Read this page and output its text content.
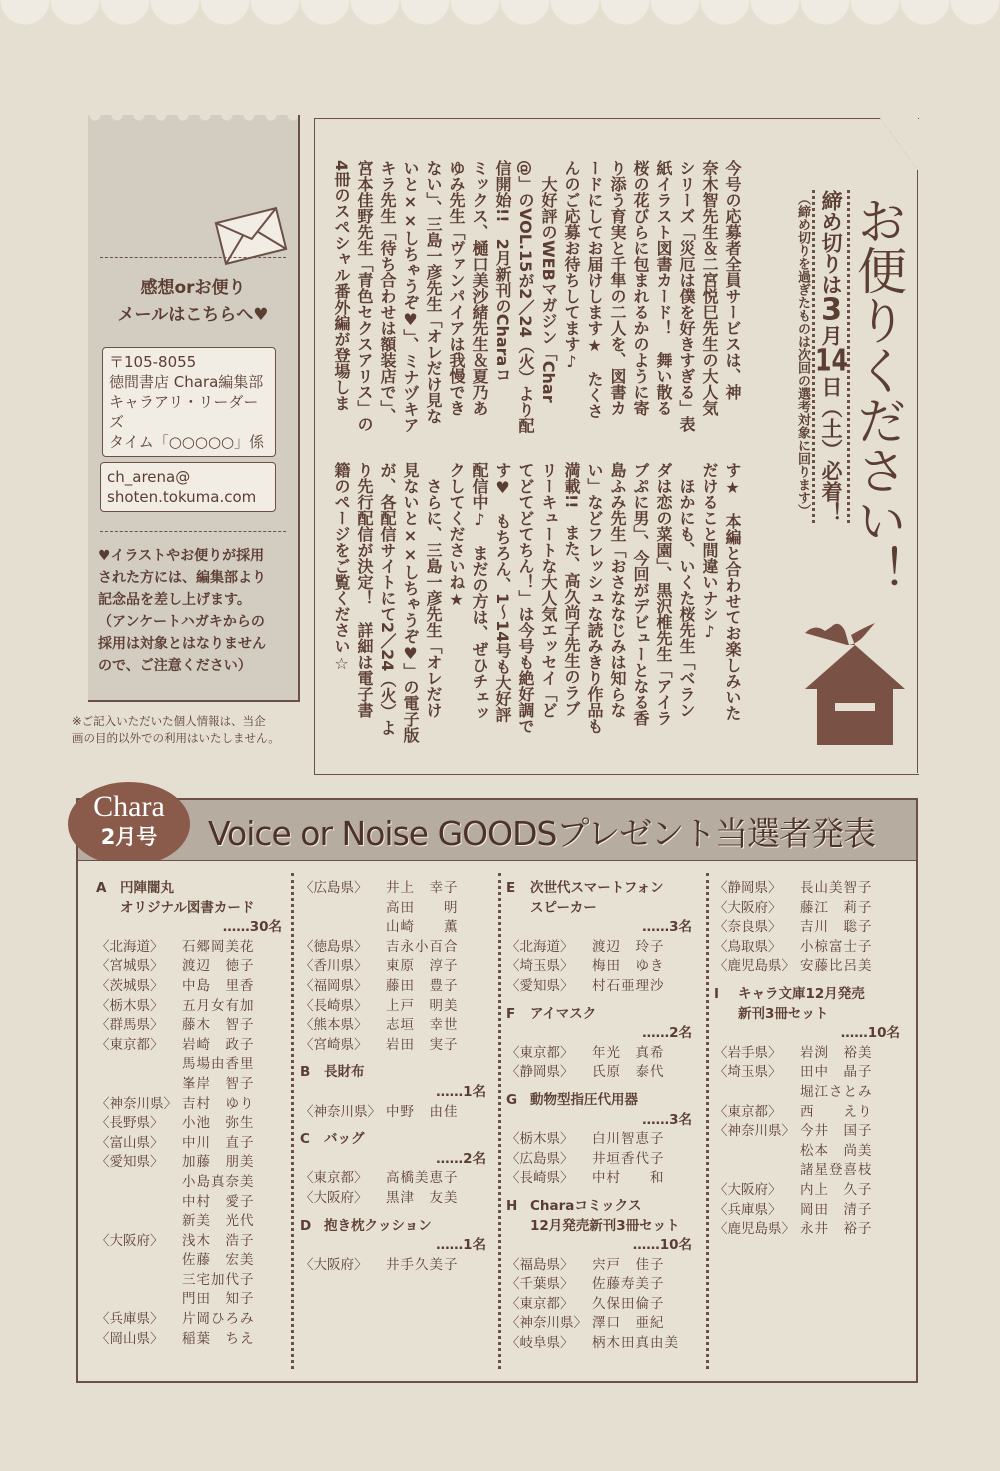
感想orお便り
メールはこちらへ♥
〒105-8055
徳間書店 Chara編集部
キャラアリ・リーダーズ
タイム「○○○○○」係
ch_arena@
shoten.tokuma.com
♥イラストやお便りが採用
された方には、編集部より
記念品を差し上げます。
（アンケートハガキからの
採用は対象とはなりません
ので、ご注意ください）
※ご記入いただいた個人情報は、当企
画の目的以外での利用はいたしません。
お便りください！
締め切りは3月14日（土）必着！
（締め切りを過ぎたものは次回の選考対象に回ります）
今号の応募者全員サービスは、神
奈木智先生＆二宮悦巳先生の大人気
シリーズ「災厄は僕を好きすぎる」表
紙イラスト図書カード！　舞い散る
桜の花びらに包まれるかのように寄
り添う育実と千隼の二人を、図書カ
ードにしてお届けします★　たくさ
んのご応募お待ちしてます♪
　大好評のWEBマガジン「Char
@」のVOL.15が2／24（火）より配
信開始!!　2月新刊のCharaコ
ミックス、樋口美沙緒先生＆夏乃あ
ゆみ先生「ヴァンパイアは我慢でき
ない」、三島一彦先生「オレだけ見な
いと××しちゃうぞ♥」、ミナヅキア
キラ先生「待ち合わせは額装店で」、
宮本佳野先生「青色セクスアリス」の
4冊のスペシャル番外編が登場しま
す★　本編と合わせてお楽しみいた
だけること間違いナシ♪
　ほかにも、いくた桜先生「ベラン
ダは恋の菜園」、黒沢椎先生「アイラ
ブぷに男」、今回がデビューとなる香
島ふみ先生「おさななじみは知らな
い」などフレッシュな読みきり作品も
満載!!　また、高久尚子先生のラブ
リーキュートな大人気エッセイ「ど
てどてどてちん！」は今号も絶好調で
す♥　もちろん、1～14号も大好評
配信中♪　まだの方は、ぜひチェッ
クしてくださいね★
　さらに、三島一彦先生「オレだけ
見ないと××しちゃうぞ♥」の電子版
が、各配信サイトにて2／24（火）よ
り先行配信が決定！　詳細は電子書
籍のページをご覧ください☆
Voice or Noise GOODSプレゼント当選者発表
Chara
2月号
A 円陣闇丸
オリジナル図書カード
……30名
〈北海道〉	石郷岡美花
〈宮城県〉	渡辺　徳子
〈茨城県〉	中島　里香
〈栃木県〉	五月女有加
〈群馬県〉	藤木　智子
〈東京都〉	岩崎　政子
馬場由香里
峯岸　智子
〈神奈川県〉 吉村　ゆり
〈長野県〉	小池　弥生
〈富山県〉	中川　直子
〈愛知県〉	加藤　朋美
小島真奈美
中村　愛子
新美　光代
〈大阪府〉	浅木　浩子
佐藤　宏美
三宅加代子
門田　知子
〈兵庫県〉	片岡ひろみ
〈岡山県〉	稲葉　ちえ
〈広島県〉	井上　幸子
高田　　明
山崎　　薫
〈徳島県〉	吉永小百合
〈香川県〉	東原　淳子
〈福岡県〉	藤田　豊子
〈長崎県〉	上戸　明美
〈熊本県〉	志垣　幸世
〈宮崎県〉	岩田　実子
B 長財布
……1名
〈神奈川県〉 中野　由佳
C バッグ
……2名
〈東京都〉	高橋美恵子
〈大阪府〉	黒津　友美
D 抱き枕クッション
……1名
〈大阪府〉	井手久美子
E 次世代スマートフォン
スピーカー
……3名
〈北海道〉	渡辺　玲子
〈埼玉県〉	梅田　ゆき
〈愛知県〉	村石亜理沙
F アイマスク
……2名
〈東京都〉	年光　真希
〈静岡県〉	氏原　泰代
G 動物型指圧代用器
……3名
〈栃木県〉	白川智恵子
〈広島県〉	井垣香代子
〈長崎県〉	中村　　和
H Charaコミックス
12月発売新刊3冊セット
……10名
〈福島県〉	宍戸　佳子
〈千葉県〉	佐藤寿美子
〈東京都〉	久保田倫子
〈神奈川県〉 澤口　亜紀
〈岐阜県〉	柄木田真由美
〈静岡県〉	長山美智子
〈大阪府〉	藤江　莉子
〈奈良県〉	吉川　聡子
〈鳥取県〉	小椋富士子
〈鹿児島県〉 安藤比呂美
I キャラ文庫12月発売
新刊3冊セット
……10名
〈岩手県〉	岩渕　裕美
〈埼玉県〉	田中　晶子
堀江さとみ
〈東京都〉	西　　えり
〈神奈川県〉 今井　国子
松本　尚美
諸星登喜枝
〈大阪府〉	内上　久子
〈兵庫県〉	岡田　清子
〈鹿児島県〉 永井　裕子
